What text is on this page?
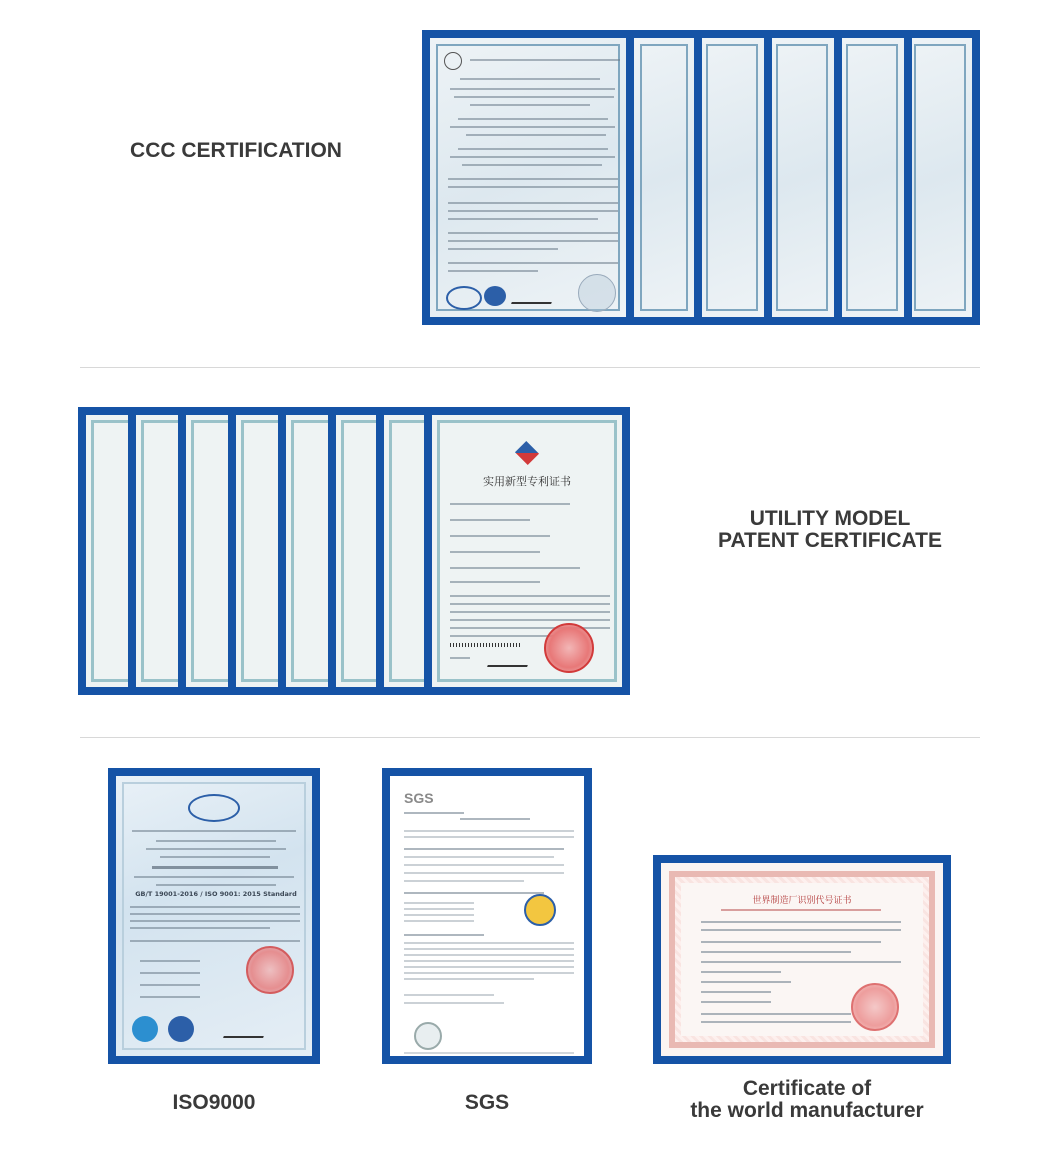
CCC CERTIFICATION
实用新型专利证书
UTILITY MODEL
PATENT CERTIFICATE
GB/T 19001-2016 / ISO 9001: 2015 Standard
ISO9000
SGS
SGS
世界制造厂识别代号证书
Certificate of
the world manufacturer
